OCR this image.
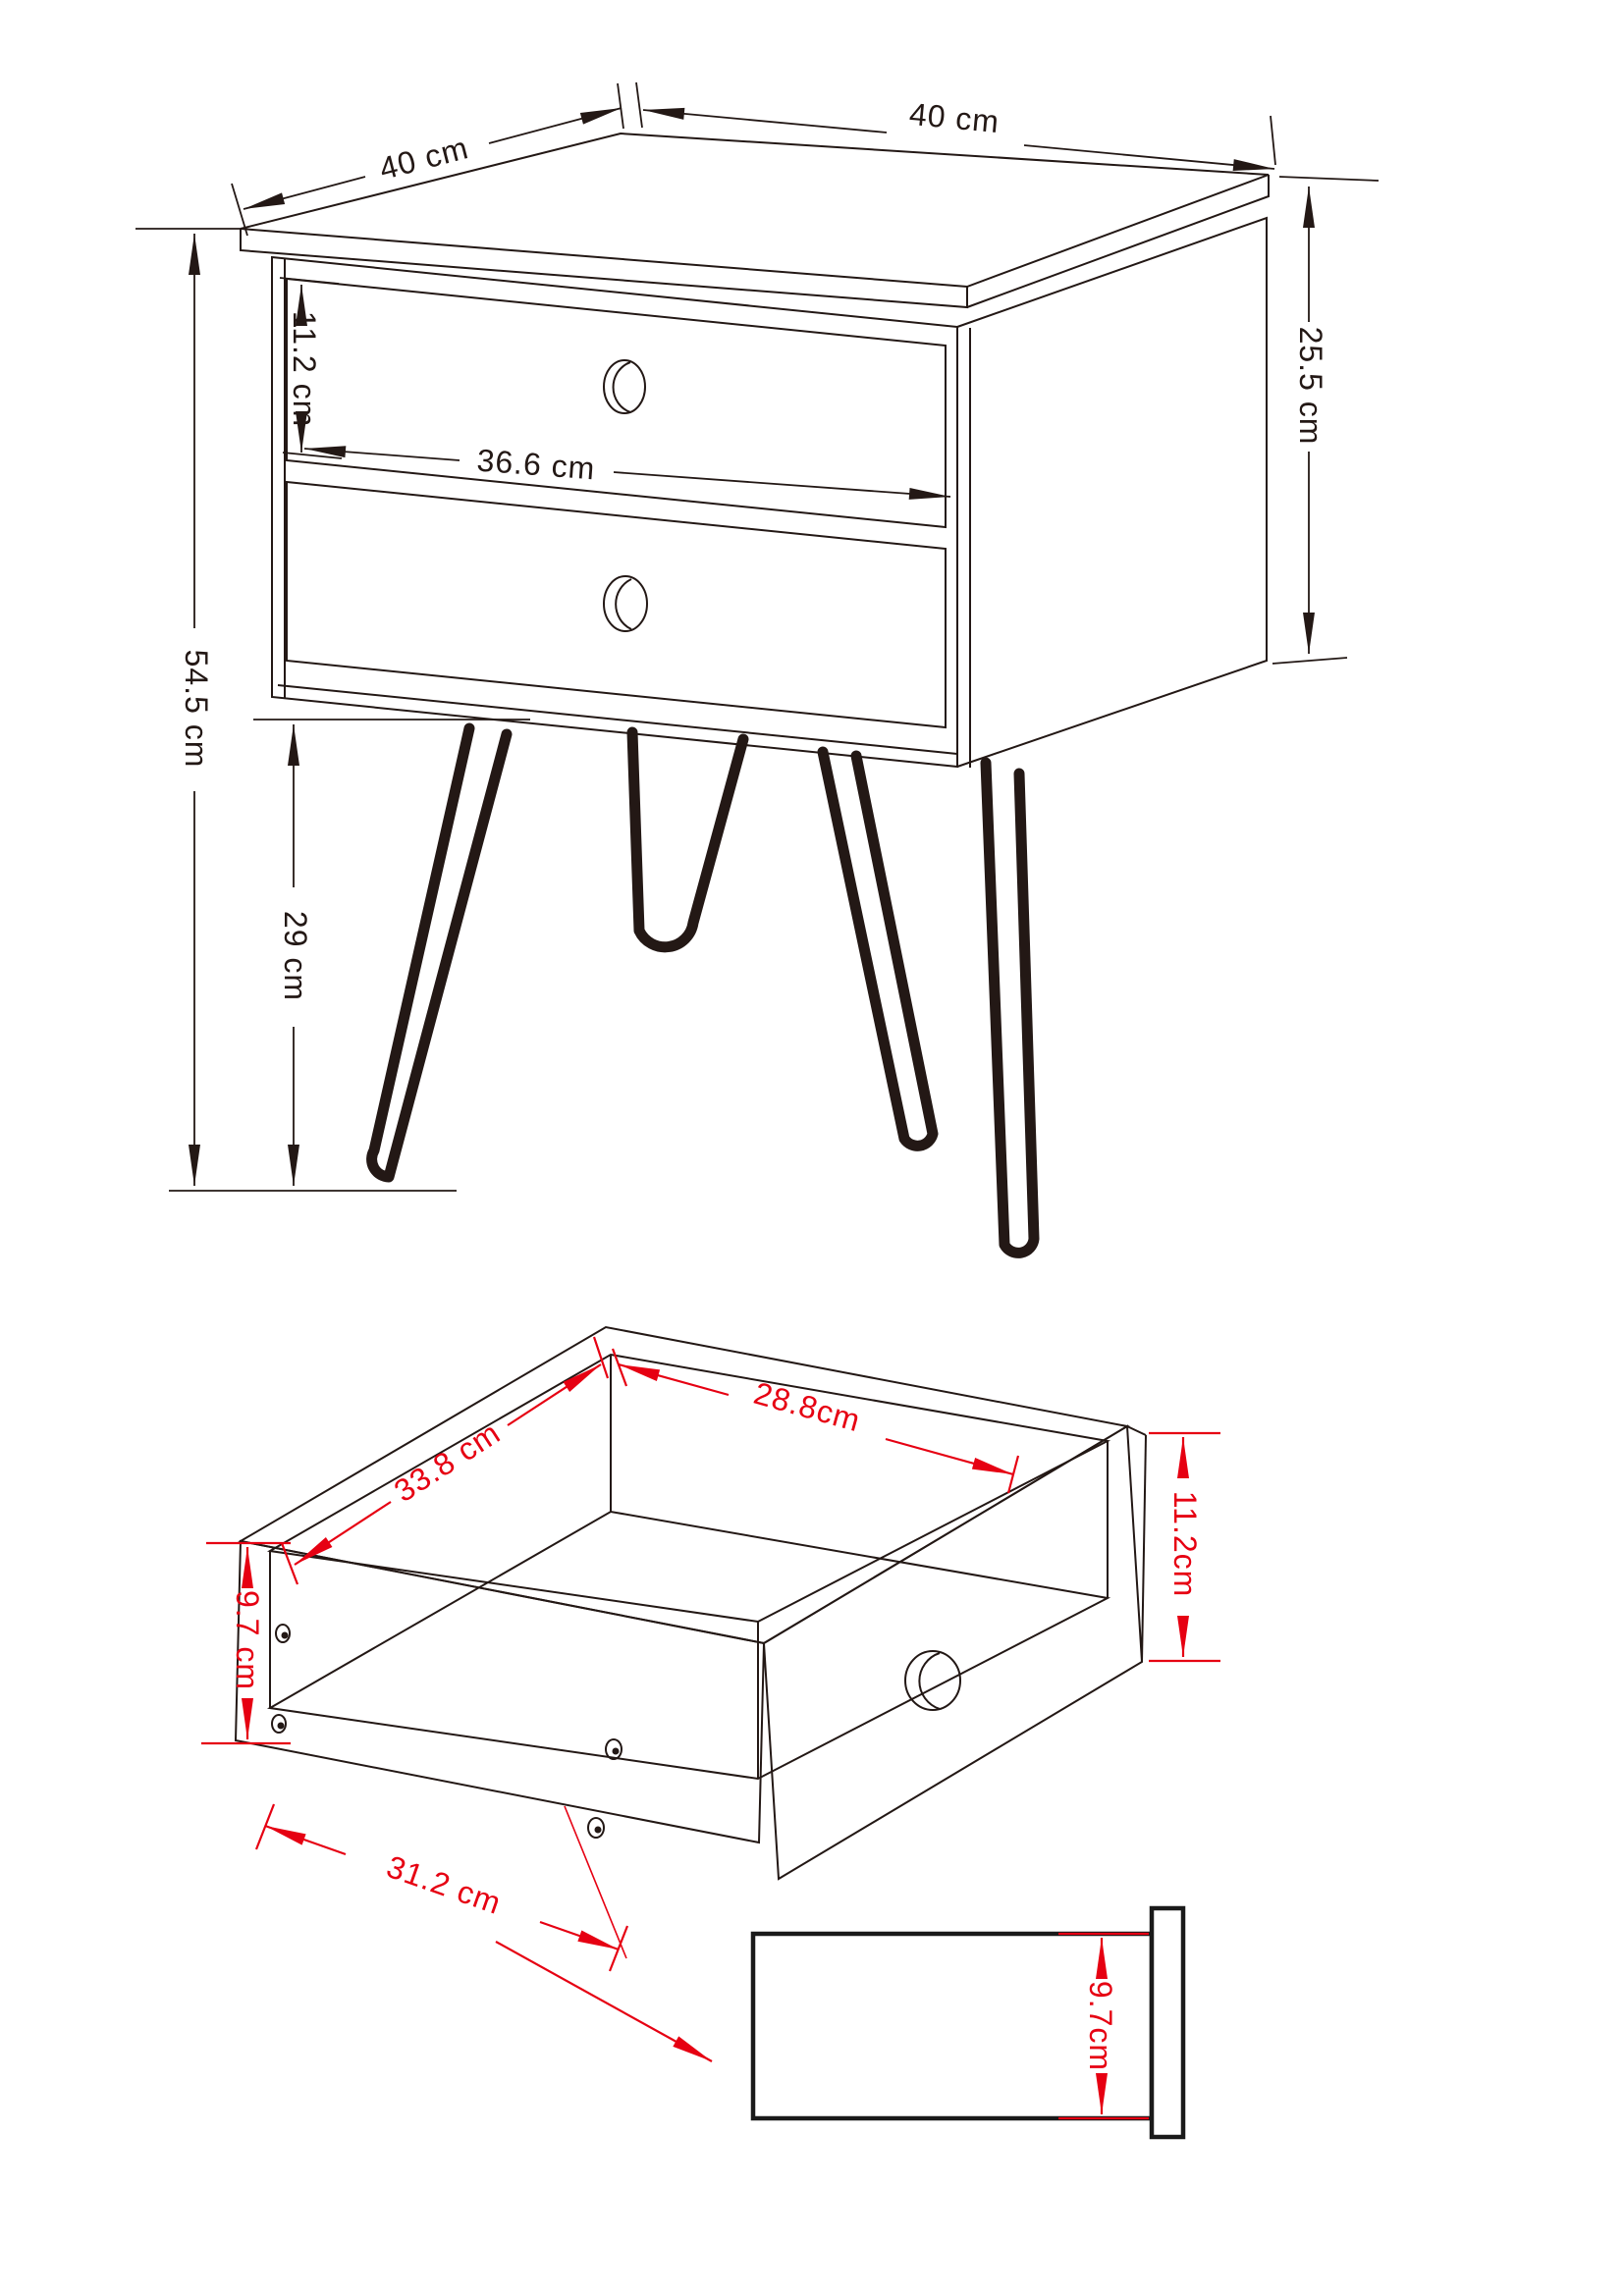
40 cm
40 cm
11.2 cm
36.6 cm
25.5 cm
54.5 cm
29 cm
33.8 cm
28.8cm
11.2cm
9.7 cm
31.2 cm
9.7cm
